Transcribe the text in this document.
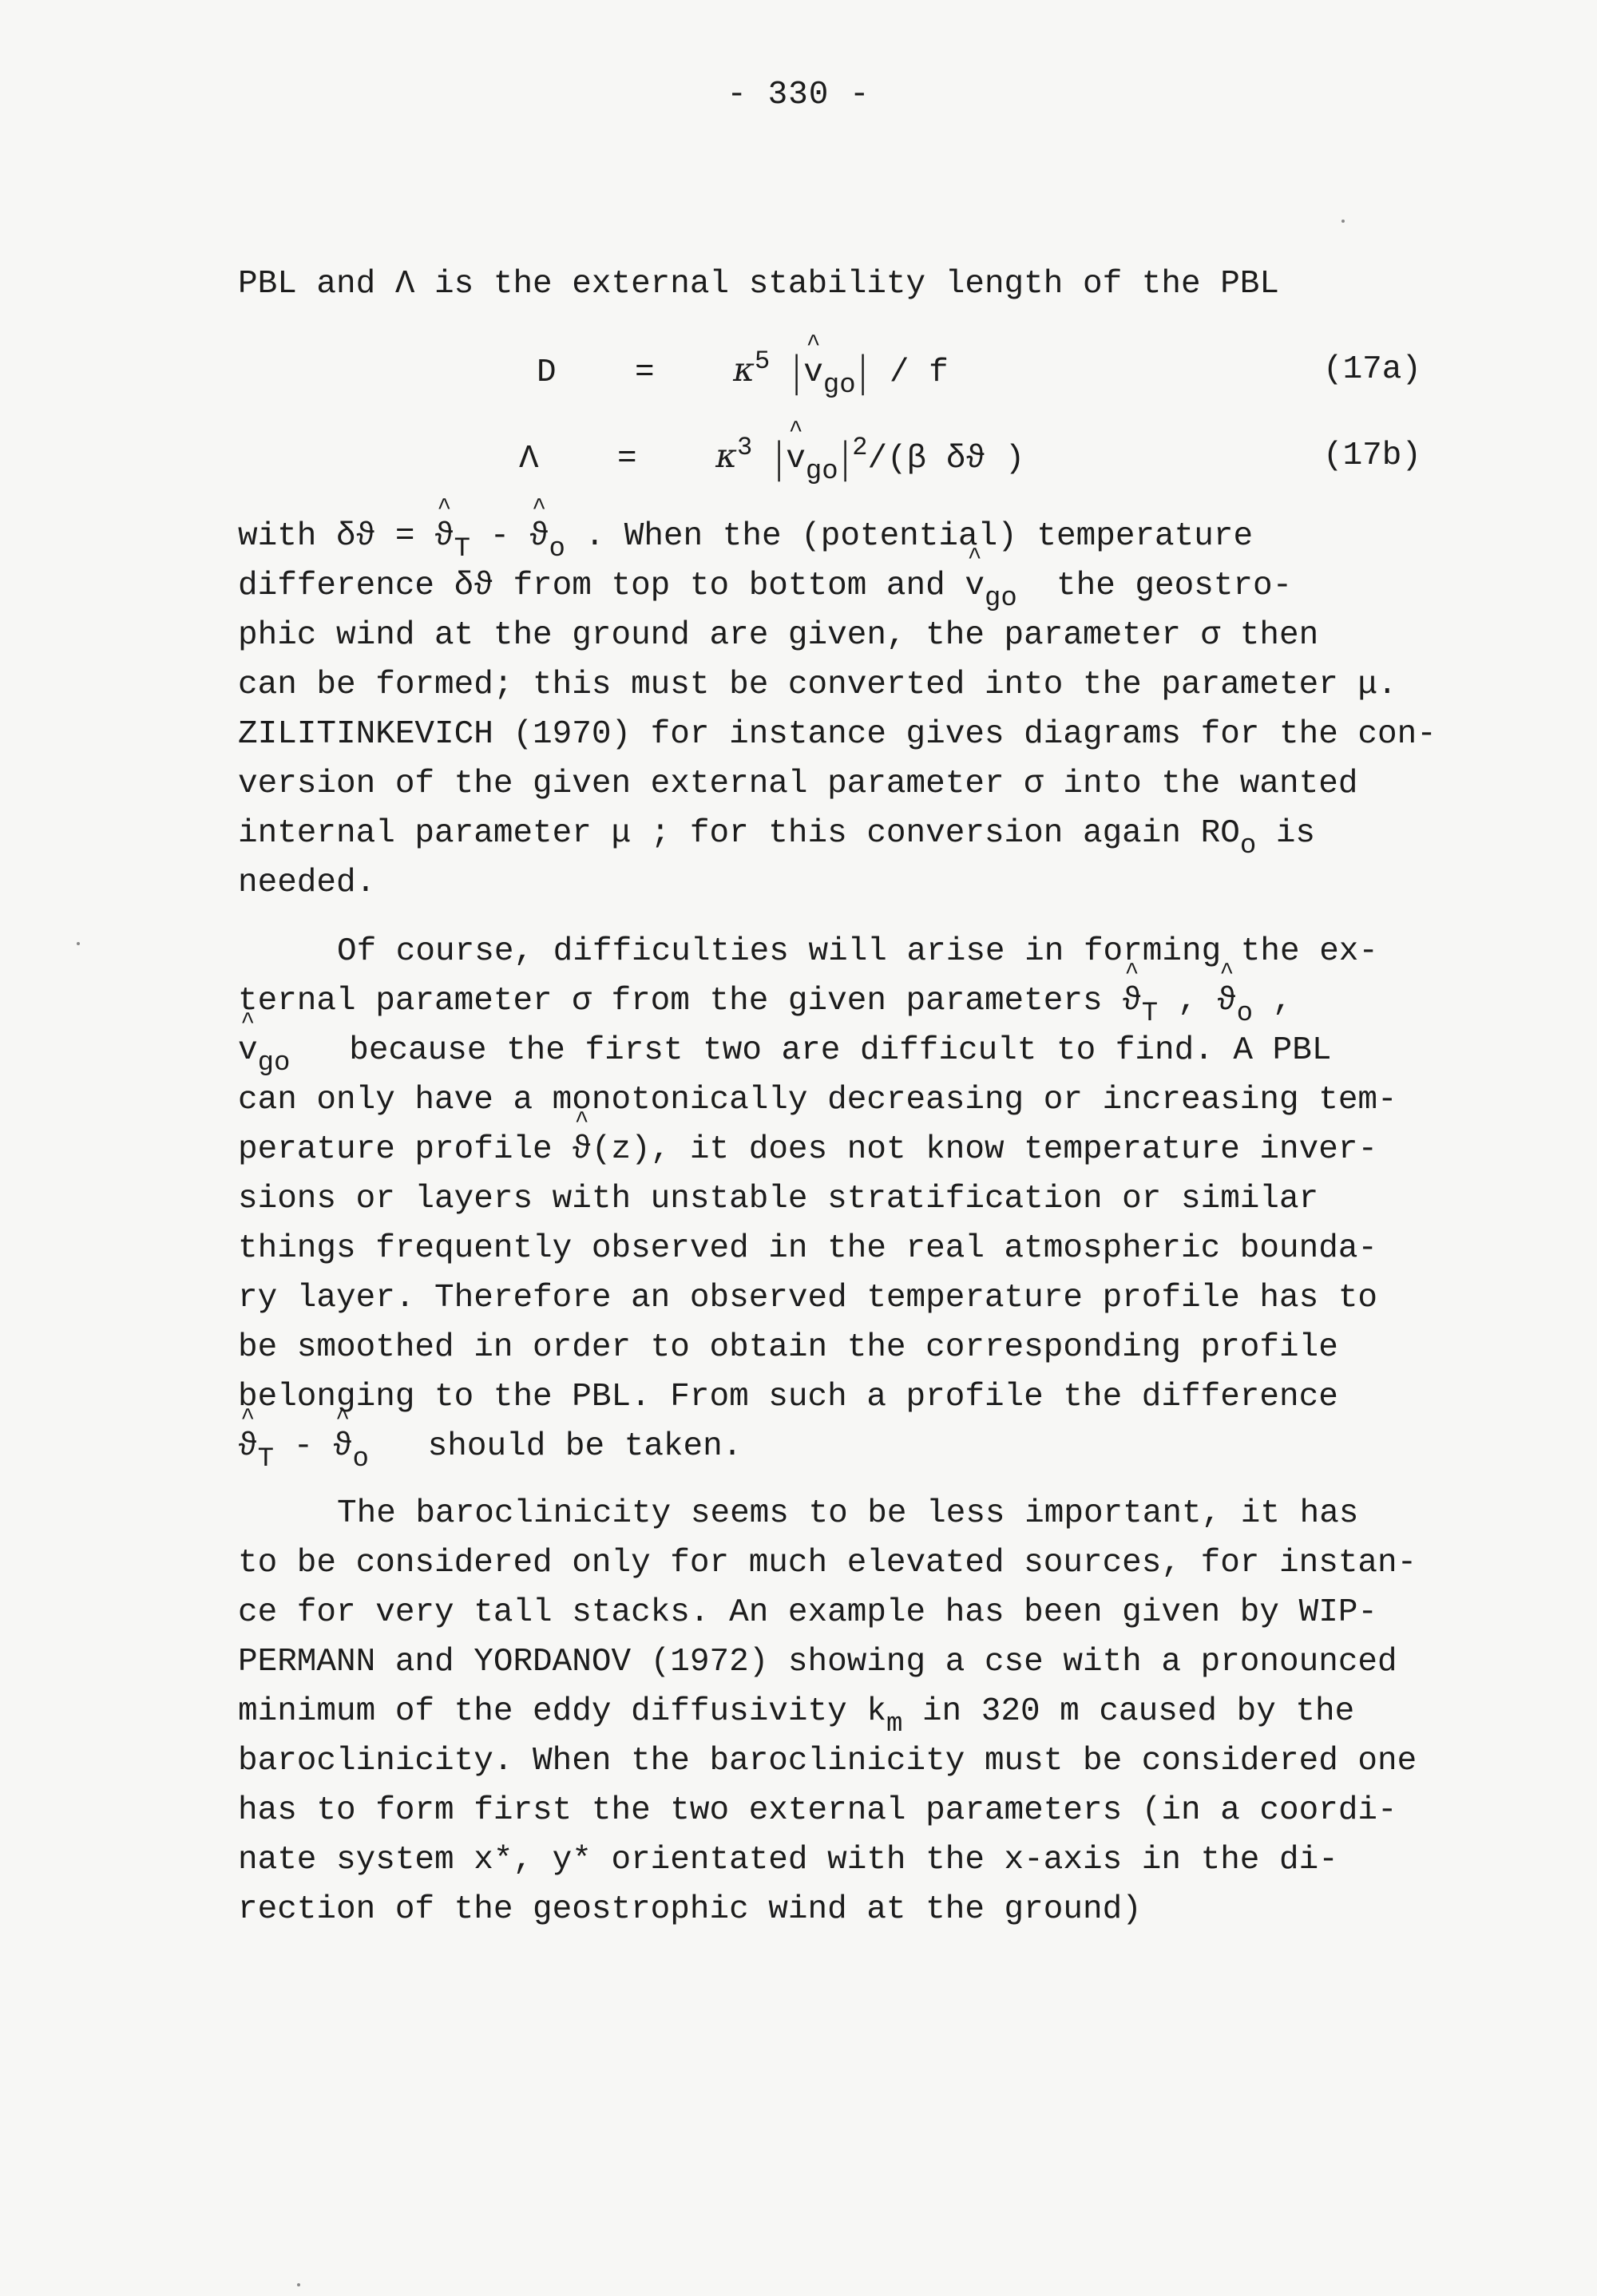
- 330 -
PBL and Λ is the external stability length of the PBL
$D = \kappa^5$ |^ $v_{go}|$ / f	(17a)
$\Lambda = \kappa^3$ |^ $v_{go}|^2/(\beta$ δϑ )	(17b)
with δϑ = ^ $ϑ_T$ - ^ $ϑ_o$ . When the (potential) temperature
difference δϑ from top to bottom and ^ $v_{go}$ the geostro-
phic wind at the ground are given, the parameter σ then
can be formed; this must be converted into the parameter μ.
ZILITINKEVICH (1970) for instance gives diagrams for the con-
version of the given external parameter σ into the wanted
internal parameter μ ; for this conversion again $RO_o$ is
needed.
Of course, difficulties will arise in forming the ex-
ternal parameter σ from the given parameters ^ $ϑ_T$ , ^ $ϑ_o$ ,
^ $v_{go}$ because the first two are difficult to find. A PBL
can only have a monotonically decreasing or increasing tem-
perature profile ^ ϑ(z), it does not know temperature inver-
sions or layers with unstable stratification or similar
things frequently observed in the real atmospheric bounda-
ry layer. Therefore an observed temperature profile has to
be smoothed in order to obtain the corresponding profile
belonging to the PBL. From such a profile the difference
^ $ϑ_T$ - ^ $ϑ_o$ should be taken.
The baroclinicity seems to be less important, it has
to be considered only for much elevated sources, for instan-
ce for very tall stacks. An example has been given by WIP-
PERMANN and YORDANOV (1972) showing a cse with a pronounced
minimum of the eddy diffusivity $k_m$ in 320 m caused by the
baroclinicity. When the baroclinicity must be considered one
has to form first the two external parameters (in a coordi-
nate system x*, y* orientated with the x-axis in the di-
rection of the geostrophic wind at the ground)
